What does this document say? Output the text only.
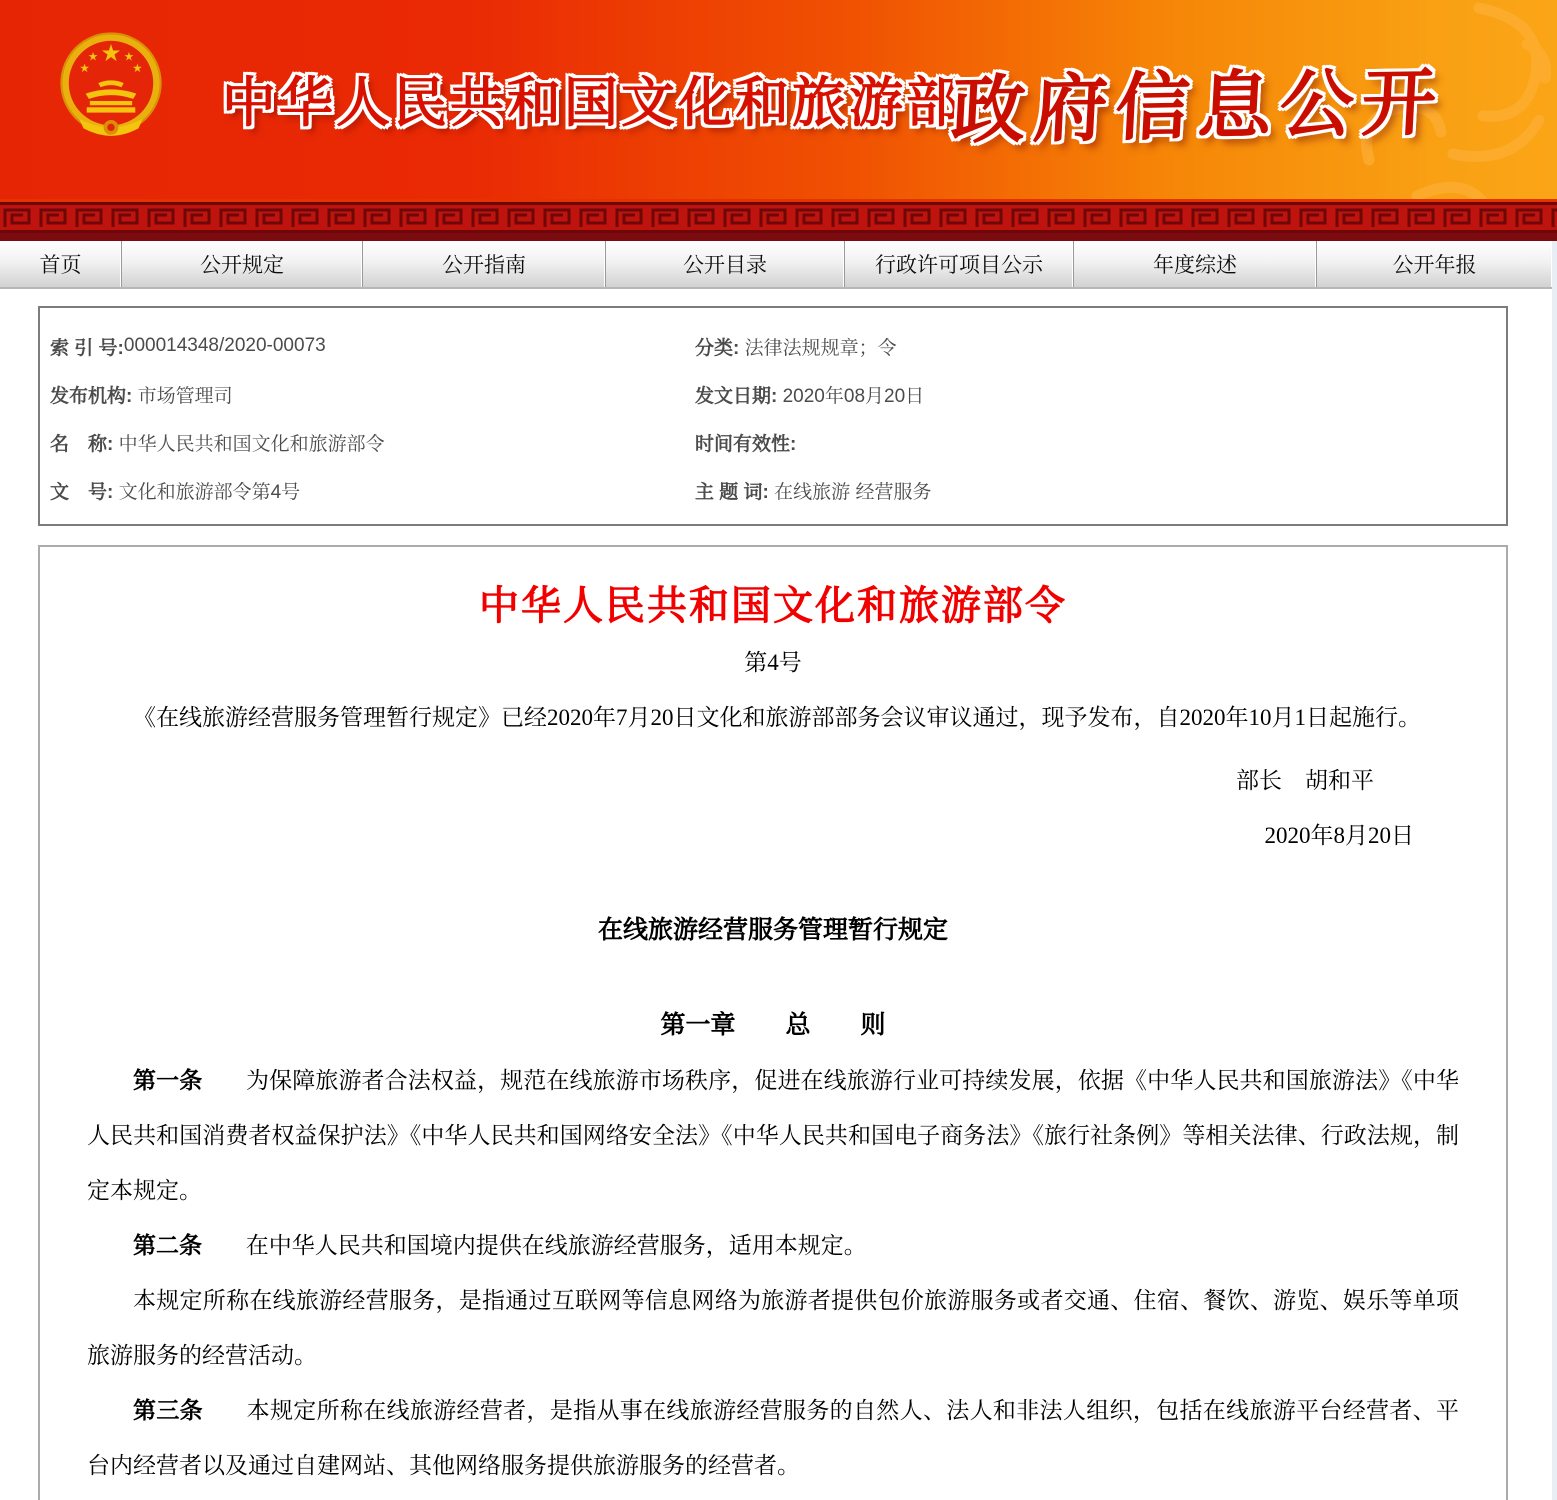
中华人民共和国文化和旅游部
政府信息公开
首页	公开规定	公开指南	公开目录	行政许可项目公示	年度综述	公开年报
索 引 号: 000014348/2020-00073	分类: 法律法规规章；令
发布机构: 市场管理司	发文日期: 2020年08月20日
名　称: 中华人民共和国文化和旅游部令	时间有效性:
文　号: 文化和旅游部令第4号	主 题 词: 在线旅游 经营服务
中华人民共和国文化和旅游部令
第4号

《在线旅游经营服务管理暂行规定》已经2020年7月20日文化和旅游部部务会议审议通过，现予发布，自2020年10月1日起施行。

部长　胡和平
2020年8月20日
在线旅游经营服务管理暂行规定
第一章　　总　　则

第一条 为保障旅游者合法权益，规范在线旅游市场秩序，促进在线旅游行业可持续发展，依据《中华人民共和国旅游法》《中华人民共和国消费者权益保护法》《中华人民共和国网络安全法》《中华人民共和国电子商务法》《旅行社条例》等相关法律、行政法规，制定本规定。

第二条 在中华人民共和国境内提供在线旅游经营服务，适用本规定。

本规定所称在线旅游经营服务，是指通过互联网等信息网络为旅游者提供包价旅游服务或者交通、住宿、餐饮、游览、娱乐等单项旅游服务的经营活动。

第三条 本规定所称在线旅游经营者，是指从事在线旅游经营服务的自然人、法人和非法人组织，包括在线旅游平台经营者、平台内经营者以及通过自建网站、其他网络服务提供旅游服务的经营者。
